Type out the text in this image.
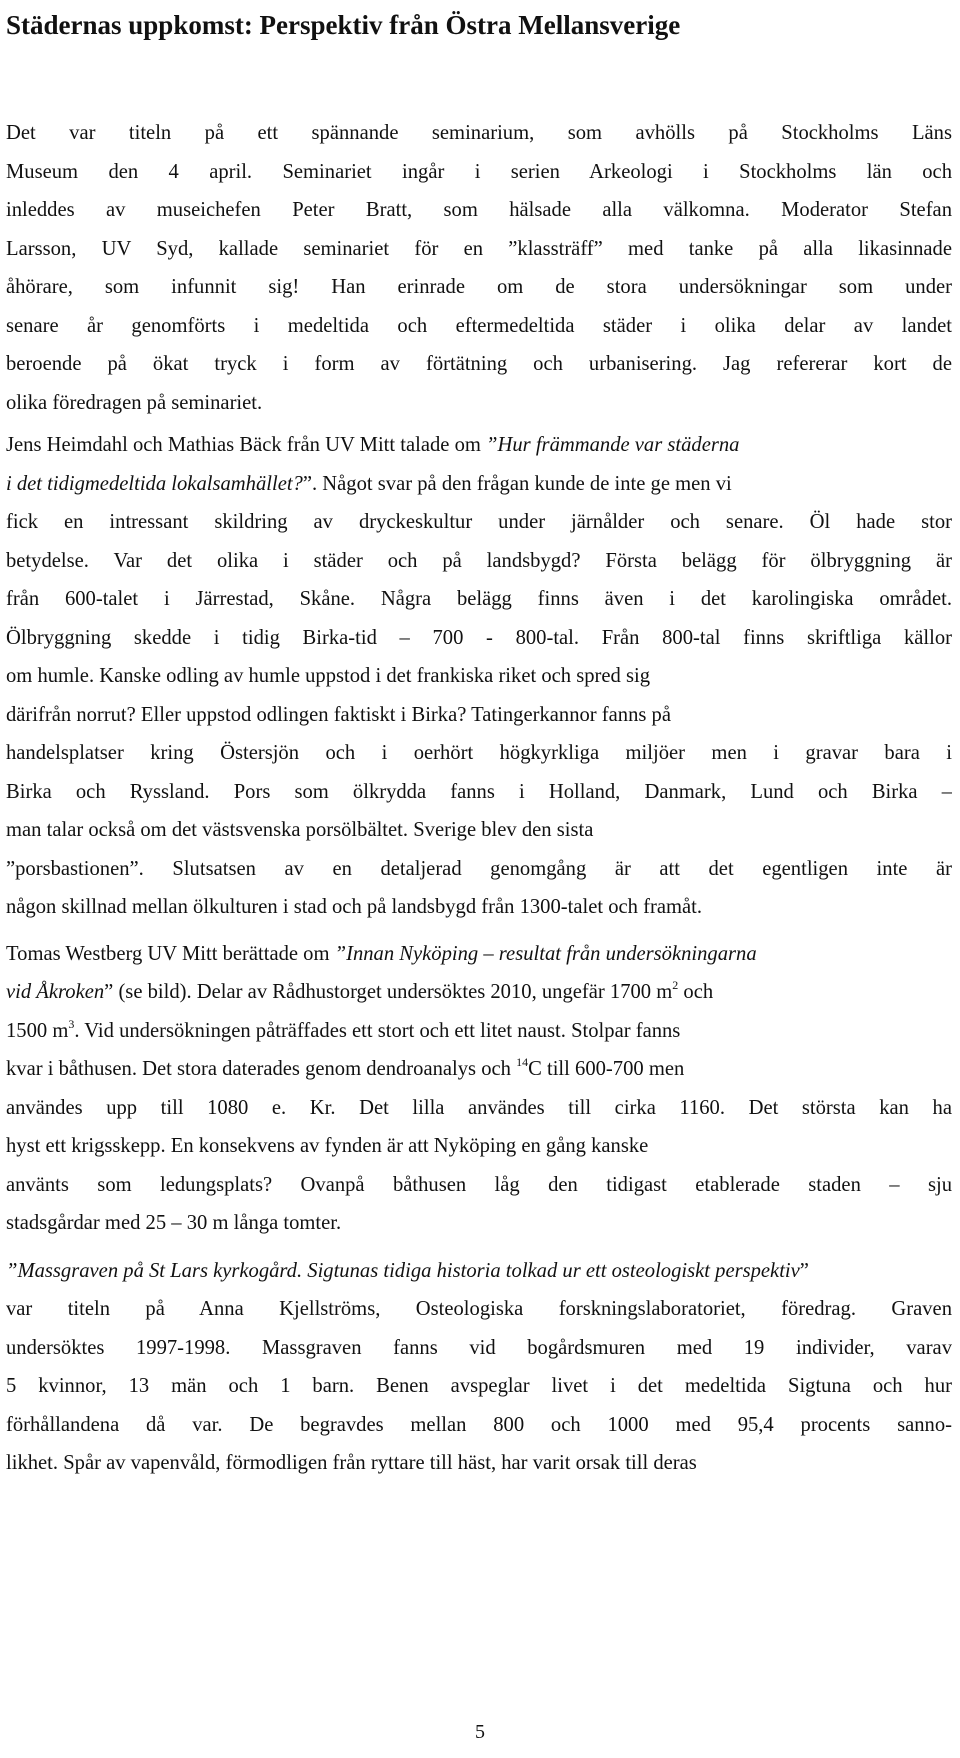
Städernas uppkomst: Perspektiv från Östra Mellansverige
Det var titeln på ett spännande seminarium, som avhölls på Stockholms Läns
Museum den 4 april. Seminariet ingår i serien Arkeologi i Stockholms län och
inleddes av museichefen Peter Bratt, som hälsade alla välkomna. Moderator Stefan
Larsson, UV Syd, kallade seminariet för en ”klassträff” med tanke på alla likasinnade
åhörare, som infunnit sig! Han erinrade om de stora undersökningar som under
senare år genomförts i medeltida och eftermedeltida städer i olika delar av landet
beroende på ökat tryck i form av förtätning och urbanisering. Jag refererar kort de
olika föredragen på seminariet.
Jens Heimdahl och Mathias Bäck från UV Mitt talade om ”Hur främmande var städerna
i det tidigmedeltida lokalsamhället?”. Något svar på den frågan kunde de inte ge men vi
fick en intressant skildring av dryckeskultur under järnålder och senare. Öl hade stor
betydelse. Var det olika i städer och på landsbygd? Första belägg för ölbryggning är
från 600-talet i Järrestad, Skåne. Några belägg finns även i det karolingiska området.
Ölbryggning skedde i tidig Birka-tid – 700 - 800-tal. Från 800-tal finns skriftliga källor
om humle. Kanske odling av humle uppstod i det frankiska riket och spred sig
därifrån norrut? Eller uppstod odlingen faktiskt i Birka? Tatingerkannor fanns på
handelsplatser kring Östersjön och i oerhört högkyrkliga miljöer men i gravar bara i
Birka och Ryssland. Pors som ölkrydda fanns i Holland, Danmark, Lund och Birka –
man talar också om det västsvenska porsölbältet. Sverige blev den sista
”porsbastionen”. Slutsatsen av en detaljerad genomgång är att det egentligen inte är
någon skillnad mellan ölkulturen i stad och på landsbygd från 1300-talet och framåt.
Tomas Westberg UV Mitt berättade om ”Innan Nyköping – resultat från undersökningarna
vid Åkroken” (se bild). Delar av Rådhustorget undersöktes 2010, ungefär 1700 $m^2$ och
1500 $m^3$. Vid undersökningen påträffades ett stort och ett litet naust. Stolpar fanns
kvar i båthusen. Det stora daterades genom dendroanalys och $^{14}$C till 600-700 men
användes upp till 1080 e. Kr. Det lilla användes till cirka 1160. Det största kan ha
hyst ett krigsskepp. En konsekvens av fynden är att Nyköping en gång kanske
använts som ledungsplats? Ovanpå båthusen låg den tidigast etablerade staden – sju
stadsgårdar med 25 – 30 m långa tomter.
”Massgraven på St Lars kyrkogård. Sigtunas tidiga historia tolkad ur ett osteologiskt perspektiv”
var titeln på Anna Kjellströms, Osteologiska forskningslaboratoriet, föredrag. Graven
undersöktes 1997-1998. Massgraven fanns vid bogårdsmuren med 19 individer, varav
5 kvinnor, 13 män och 1 barn. Benen avspeglar livet i det medeltida Sigtuna och hur
förhållandena då var. De begravdes mellan 800 och 1000 med 95,4 procents sanno-
likhet. Spår av vapenvåld, förmodligen från ryttare till häst, har varit orsak till deras
5
